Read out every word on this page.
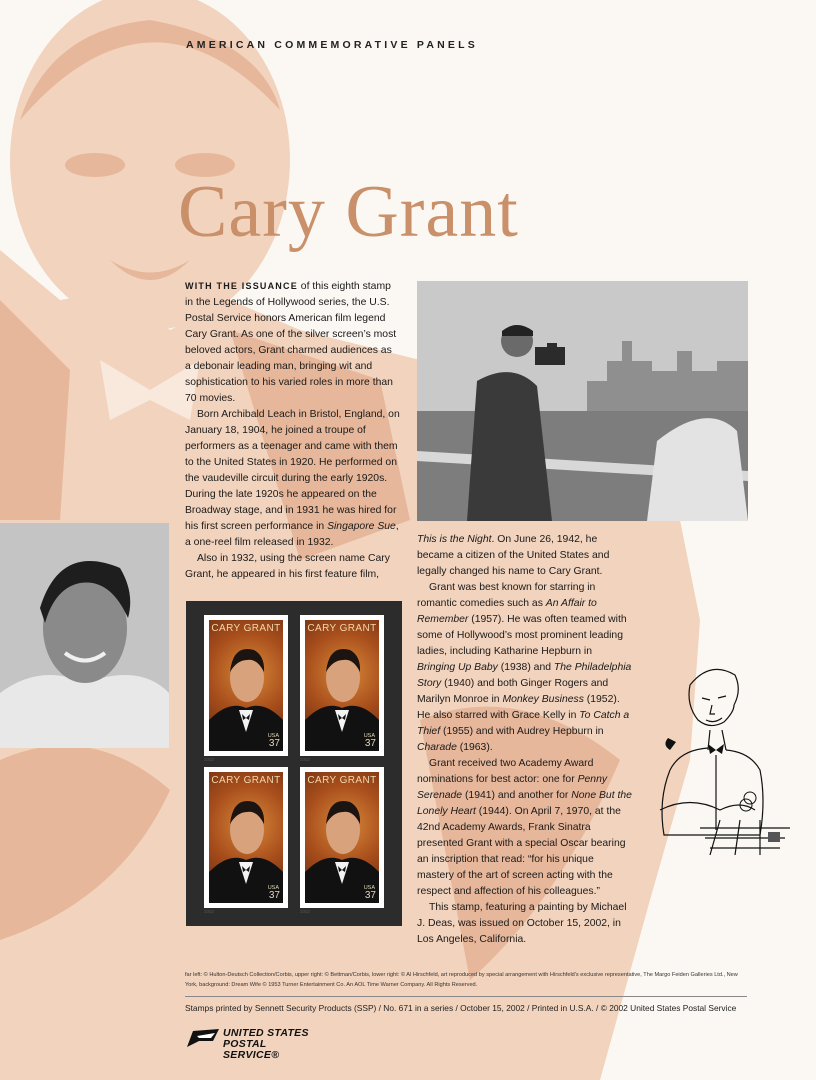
AMERICAN COMMEMORATIVE PANELS
Cary Grant

WITH THE ISSUANCE of this eighth stamp in the Legends of Hollywood series, the U.S. Postal Service honors American film legend Cary Grant. As one of the silver screen’s most beloved actors, Grant charmed audiences as a debonair leading man, bringing wit and sophistication to his varied roles in more than 70 movies.

Born Archibald Leach in Bristol, England, on January 18, 1904, he joined a troupe of performers as a teenager and came with them to the United States in 1920. He performed on the vaudeville circuit during the early 1920s. During the late 1920s he appeared on the Broadway stage, and in 1931 he was hired for his first screen performance in Singapore Sue, a one-reel film released in 1932.

Also in 1932, using the screen name Cary Grant, he appeared in his first feature film,

This is the Night. On June 26, 1942, he became a citizen of the United States and legally changed his name to Cary Grant.

Grant was best known for starring in romantic comedies such as An Affair to Remember (1957). He was often teamed with some of Hollywood’s most prominent leading ladies, including Katharine Hepburn in Bringing Up Baby (1938) and The Philadelphia Story (1940) and both Ginger Rogers and Marilyn Monroe in Monkey Business (1952). He also starred with Grace Kelly in To Catch a Thief (1955) and with Audrey Hepburn in Charade (1963).

Grant received two Academy Award nominations for best actor: one for Penny Serenade (1941) and another for None But the Lonely Heart (1944). On April 7, 1970, at the 42nd Academy Awards, Frank Sinatra presented Grant with a special Oscar bearing an inscription that read: “for his unique mastery of the art of screen acting with the respect and affection of his colleagues.”

This stamp, featuring a painting by Michael J. Deas, was issued on October 15, 2002, in Los Angeles, California.

CARY GRANT
USA
37
2002
CARY GRANT
USA
37
2002
CARY GRANT
USA
37
2002
CARY GRANT
USA
37
2002
far left: © Hulton-Deutsch Collection/Corbis, upper right: © Bettman/Corbis, lower right: © Al Hirschfeld, art reproduced by special arrangement with Hirschfeld’s exclusive representative, The Margo Feiden Galleries Ltd., New York, background: Dream Wife © 1953 Turner Entertainment Co. An AOL Time Warner Company. All Rights Reserved.
Stamps printed by Sennett Security Products (SSP) / No. 671 in a series / October 15, 2002 / Printed in U.S.A. / © 2002 United States Postal Service
UNITED STATES
POSTAL SERVICE®
